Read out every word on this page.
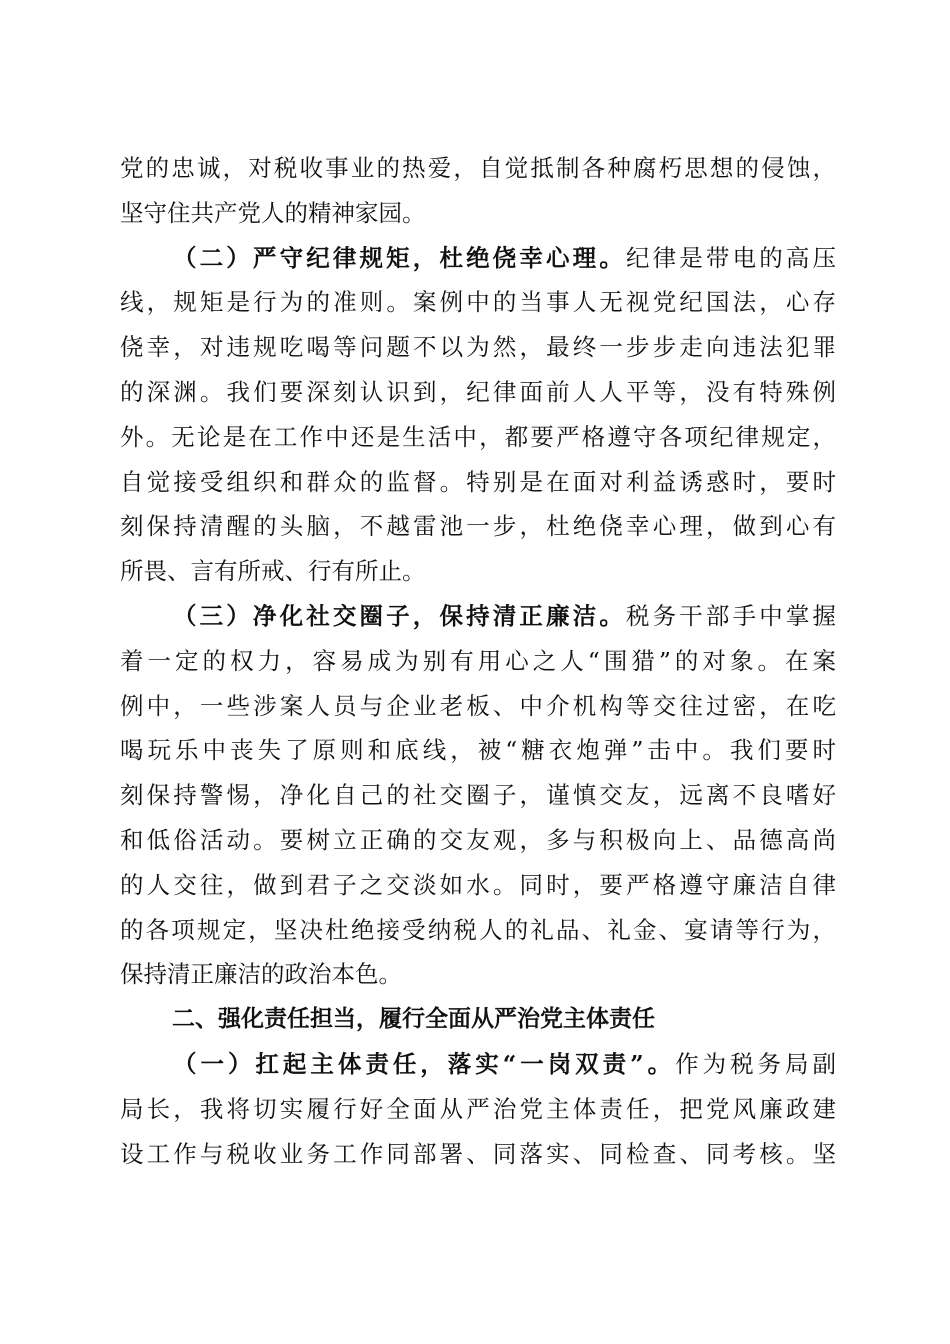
党的忠诚，对税收事业的热爱，自觉抵制各种腐朽思想的侵蚀，
坚守住共产党人的精神家园。
（二）严守纪律规矩，杜绝侥幸心理。纪律是带电的高压
线，规矩是行为的准则。案例中的当事人无视党纪国法，心存
侥幸，对违规吃喝等问题不以为然，最终一步步走向违法犯罪
的深渊。我们要深刻认识到，纪律面前人人平等，没有特殊例
外。无论是在工作中还是生活中，都要严格遵守各项纪律规定，
自觉接受组织和群众的监督。特别是在面对利益诱惑时，要时
刻保持清醒的头脑，不越雷池一步，杜绝侥幸心理，做到心有
所畏、言有所戒、行有所止。
（三）净化社交圈子，保持清正廉洁。税务干部手中掌握
着一定的权力，容易成为别有用心之人“围猎”的对象。在案
例中，一些涉案人员与企业老板、中介机构等交往过密，在吃
喝玩乐中丧失了原则和底线，被“糖衣炮弹”击中。我们要时
刻保持警惕，净化自己的社交圈子，谨慎交友，远离不良嗜好
和低俗活动。要树立正确的交友观，多与积极向上、品德高尚
的人交往，做到君子之交淡如水。同时，要严格遵守廉洁自律
的各项规定，坚决杜绝接受纳税人的礼品、礼金、宴请等行为，
保持清正廉洁的政治本色。
二、强化责任担当，履行全面从严治党主体责任
（一）扛起主体责任，落实“一岗双责”。作为税务局副
局长，我将切实履行好全面从严治党主体责任，把党风廉政建
设工作与税收业务工作同部署、同落实、同检查、同考核。坚
